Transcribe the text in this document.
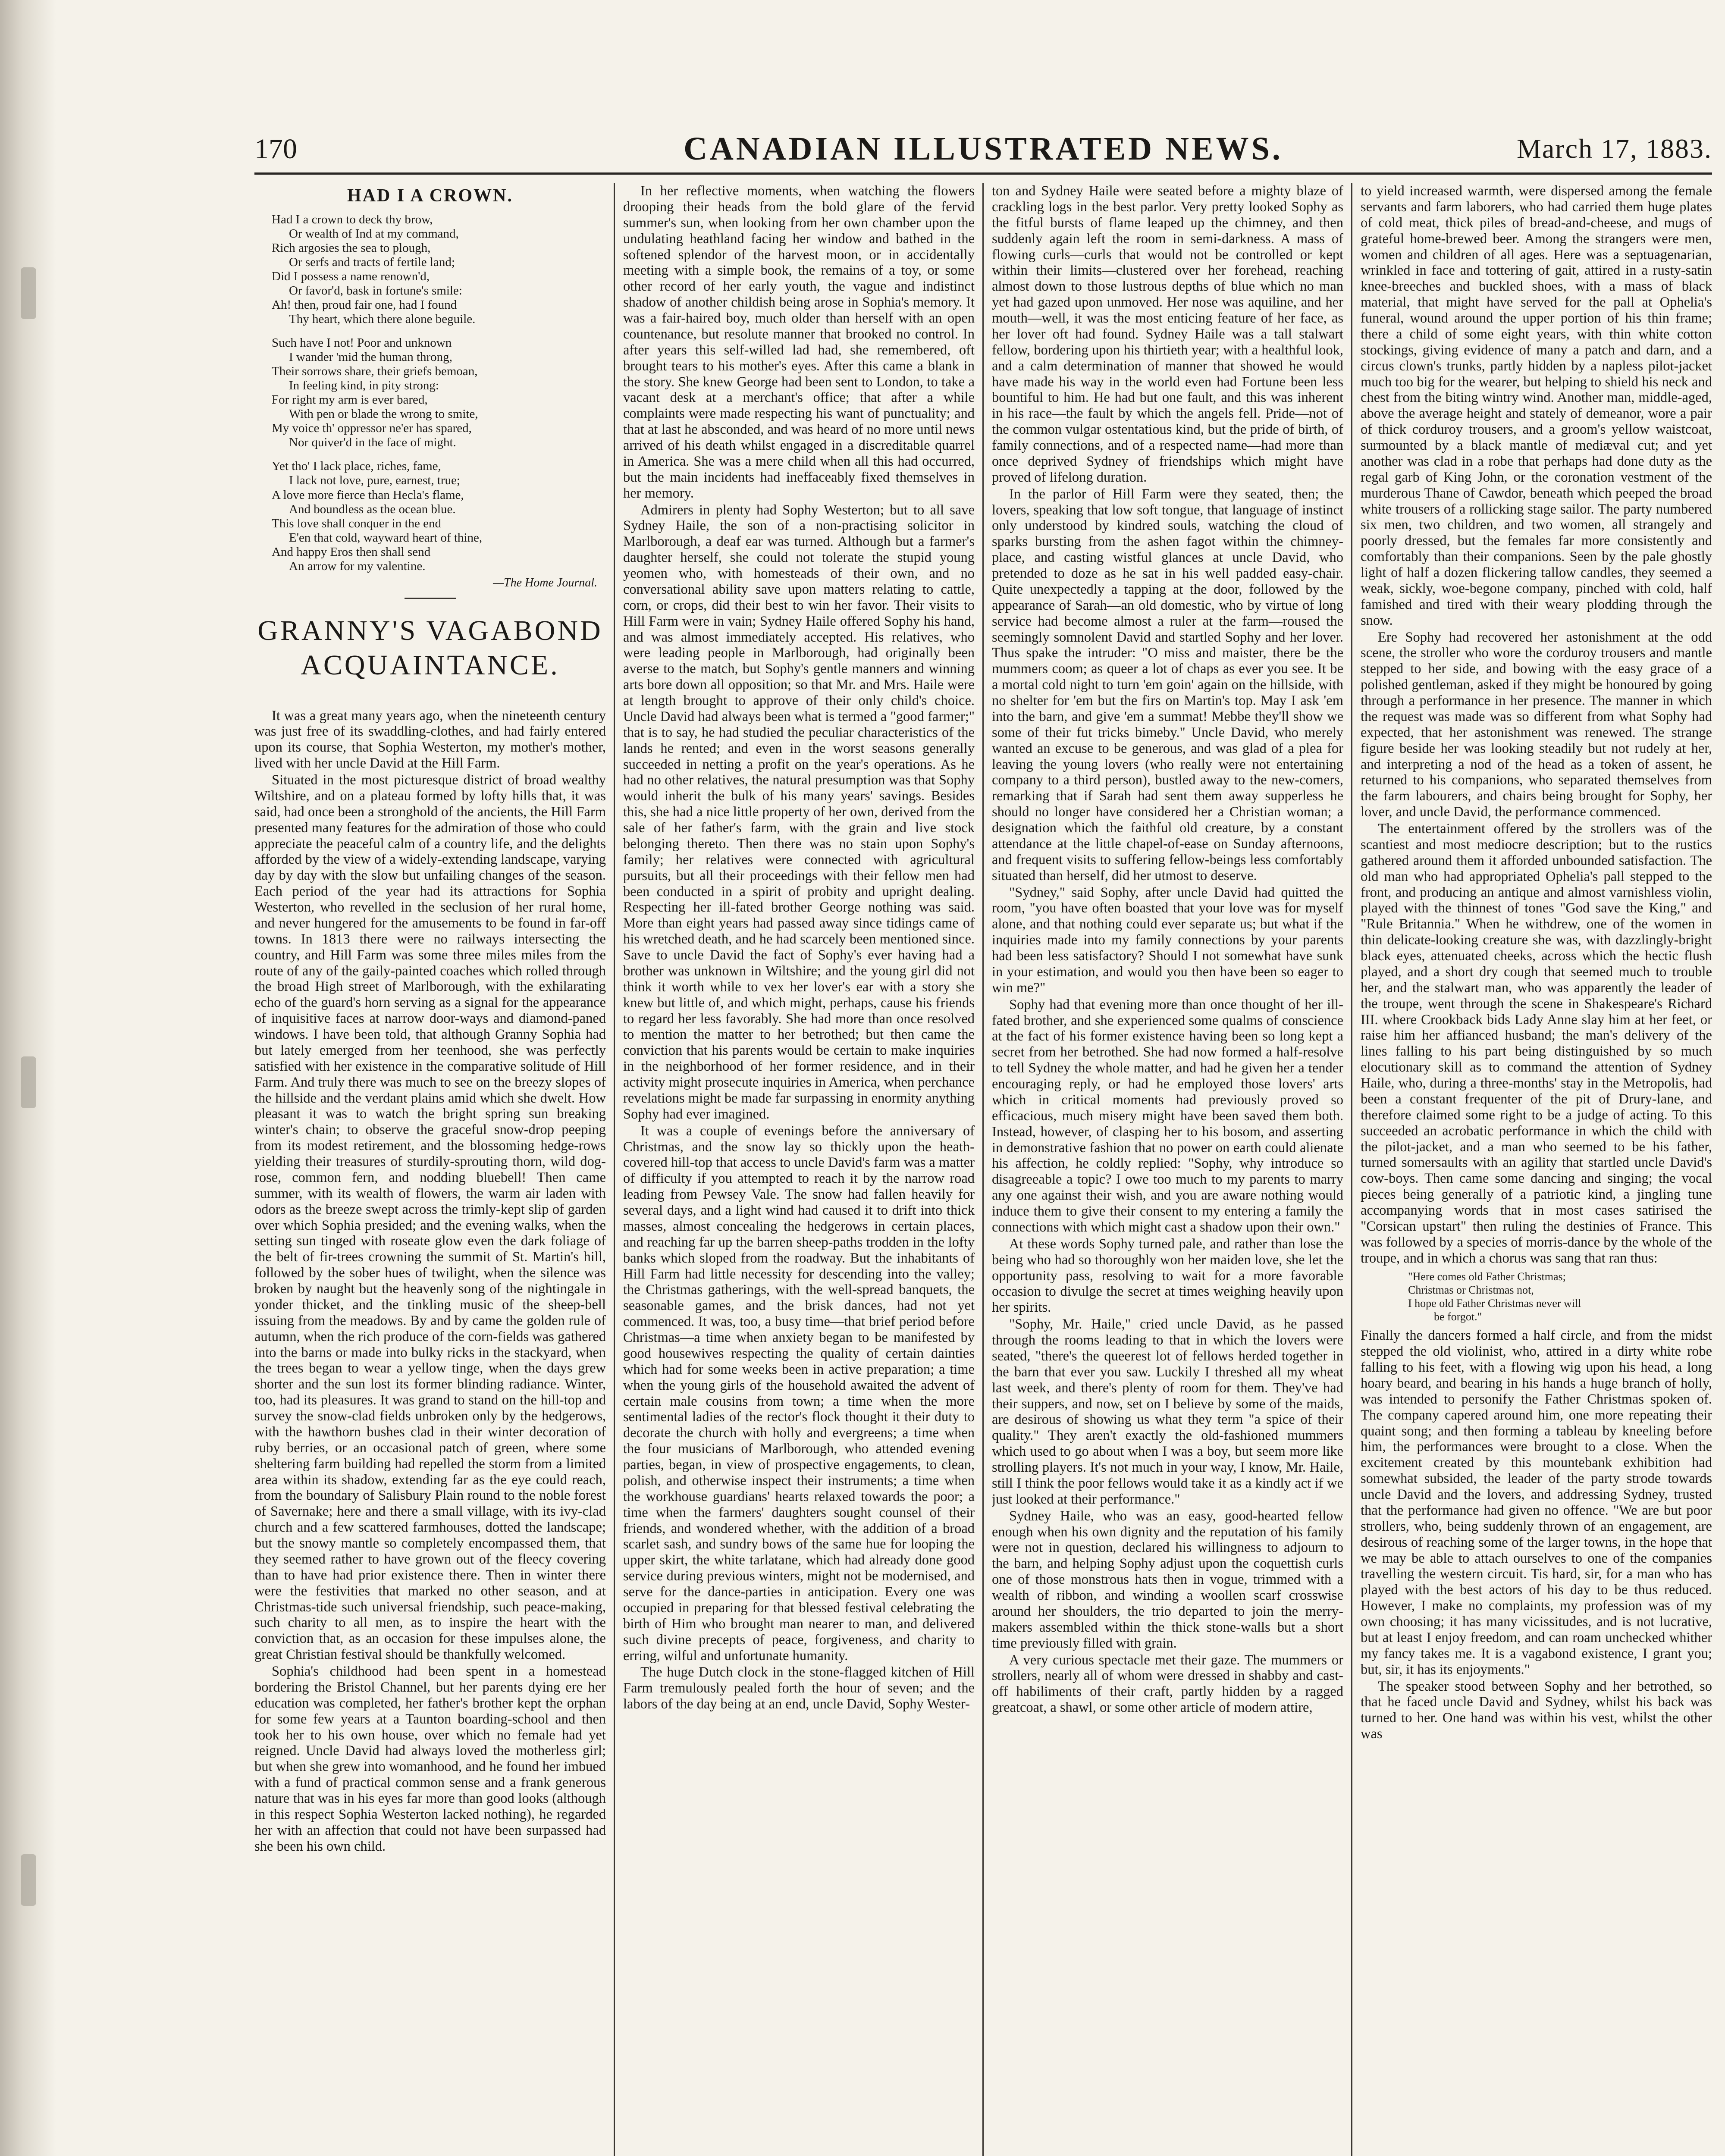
170	CANADIAN ILLUSTRATED NEWS.	March 17, 1883.
HAD I A CROWN.
Had I a crown to deck thy brow,
Or wealth of Ind at my command,
Rich argosies the sea to plough,
Or serfs and tracts of fertile land;
Did I possess a name renown'd,
Or favor'd, bask in fortune's smile:
Ah! then, proud fair one, had I found
Thy heart, which there alone beguile.
Such have I not! Poor and unknown
I wander 'mid the human throng,
Their sorrows share, their griefs bemoan,
In feeling kind, in pity strong:
For right my arm is ever bared,
With pen or blade the wrong to smite,
My voice th' oppressor ne'er has spared,
Nor quiver'd in the face of might.
Yet tho' I lack place, riches, fame,
I lack not love, pure, earnest, true;
A love more fierce than Hecla's flame,
And boundless as the ocean blue.
This love shall conquer in the end
E'en that cold, wayward heart of thine,
And happy Eros then shall send
An arrow for my valentine.
—The Home Journal.
GRANNY'S VAGABOND
ACQUAINTANCE.

It was a great many years ago, when the nineteenth century was just free of its swaddling-clothes, and had fairly entered upon its course, that Sophia Westerton, my mother's mother, lived with her uncle David at the Hill Farm.

Situated in the most picturesque district of broad wealthy Wiltshire, and on a plateau formed by lofty hills that, it was said, had once been a stronghold of the ancients, the Hill Farm presented many features for the admiration of those who could appreciate the peaceful calm of a country life, and the delights afforded by the view of a widely-extending landscape, varying day by day with the slow but unfailing changes of the season. Each period of the year had its attractions for Sophia Westerton, who revelled in the seclusion of her rural home, and never hungered for the amusements to be found in far-off towns. In 1813 there were no railways intersecting the country, and Hill Farm was some three miles miles from the route of any of the gaily-painted coaches which rolled through the broad High street of Marlborough, with the exhilarating echo of the guard's horn serving as a signal for the appearance of inquisitive faces at narrow door-ways and diamond-paned windows. I have been told, that although Granny Sophia had but lately emerged from her teenhood, she was perfectly satisfied with her existence in the comparative solitude of Hill Farm. And truly there was much to see on the breezy slopes of the hillside and the verdant plains amid which she dwelt. How pleasant it was to watch the bright spring sun breaking winter's chain; to observe the graceful snow-drop peeping from its modest retirement, and the blossoming hedge-rows yielding their treasures of sturdily-sprouting thorn, wild dog-rose, common fern, and nodding bluebell! Then came summer, with its wealth of flowers, the warm air laden with odors as the breeze swept across the trimly-kept slip of garden over which Sophia presided; and the evening walks, when the setting sun tinged with roseate glow even the dark foliage of the belt of fir-trees crowning the summit of St. Martin's hill, followed by the sober hues of twilight, when the silence was broken by naught but the heavenly song of the nightingale in yonder thicket, and the tinkling music of the sheep-bell issuing from the meadows. By and by came the golden rule of autumn, when the rich produce of the corn-fields was gathered into the barns or made into bulky ricks in the stackyard, when the trees began to wear a yellow tinge, when the days grew shorter and the sun lost its former blinding radiance. Winter, too, had its pleasures. It was grand to stand on the hill-top and survey the snow-clad fields unbroken only by the hedgerows, with the hawthorn bushes clad in their winter decoration of ruby berries, or an occasional patch of green, where some sheltering farm building had repelled the storm from a limited area within its shadow, extending far as the eye could reach, from the boundary of Salisbury Plain round to the noble forest of Savernake; here and there a small village, with its ivy-clad church and a few scattered farmhouses, dotted the landscape; but the snowy mantle so completely encompassed them, that they seemed rather to have grown out of the fleecy covering than to have had prior existence there. Then in winter there were the festivities that marked no other season, and at Christmas-tide such universal friendship, such peace-making, such charity to all men, as to inspire the heart with the conviction that, as an occasion for these impulses alone, the great Christian festival should be thankfully welcomed.

Sophia's childhood had been spent in a homestead bordering the Bristol Channel, but her parents dying ere her education was completed, her father's brother kept the orphan for some few years at a Taunton boarding-school and then took her to his own house, over which no female had yet reigned. Uncle David had always loved the motherless girl; but when she grew into womanhood, and he found her imbued with a fund of practical common sense and a frank generous nature that was in his eyes far more than good looks (although in this respect Sophia Westerton lacked nothing), he regarded her with an affection that could not have been surpassed had she been his own child.

In her reflective moments, when watching the flowers drooping their heads from the bold glare of the fervid summer's sun, when looking from her own chamber upon the undulating heathland facing her window and bathed in the softened splendor of the harvest moon, or in accidentally meeting with a simple book, the remains of a toy, or some other record of her early youth, the vague and indistinct shadow of another childish being arose in Sophia's memory. It was a fair-haired boy, much older than herself with an open countenance, but resolute manner that brooked no control. In after years this self-willed lad had, she remembered, oft brought tears to his mother's eyes. After this came a blank in the story. She knew George had been sent to London, to take a vacant desk at a merchant's office; that after a while complaints were made respecting his want of punctuality; and that at last he absconded, and was heard of no more until news arrived of his death whilst engaged in a discreditable quarrel in America. She was a mere child when all this had occurred, but the main incidents had ineffaceably fixed themselves in her memory.

Admirers in plenty had Sophy Westerton; but to all save Sydney Haile, the son of a non-practising solicitor in Marlborough, a deaf ear was turned. Although but a farmer's daughter herself, she could not tolerate the stupid young yeomen who, with homesteads of their own, and no conversational ability save upon matters relating to cattle, corn, or crops, did their best to win her favor. Their visits to Hill Farm were in vain; Sydney Haile offered Sophy his hand, and was almost immediately accepted. His relatives, who were leading people in Marlborough, had originally been averse to the match, but Sophy's gentle manners and winning arts bore down all opposition; so that Mr. and Mrs. Haile were at length brought to approve of their only child's choice. Uncle David had always been what is termed a "good farmer;" that is to say, he had studied the peculiar characteristics of the lands he rented; and even in the worst seasons generally succeeded in netting a profit on the year's operations. As he had no other relatives, the natural presumption was that Sophy would inherit the bulk of his many years' savings. Besides this, she had a nice little property of her own, derived from the sale of her father's farm, with the grain and live stock belonging thereto. Then there was no stain upon Sophy's family; her relatives were connected with agricultural pursuits, but all their proceedings with their fellow men had been conducted in a spirit of probity and upright dealing. Respecting her ill-fated brother George nothing was said. More than eight years had passed away since tidings came of his wretched death, and he had scarcely been mentioned since. Save to uncle David the fact of Sophy's ever having had a brother was unknown in Wiltshire; and the young girl did not think it worth while to vex her lover's ear with a story she knew but little of, and which might, perhaps, cause his friends to regard her less favorably. She had more than once resolved to mention the matter to her betrothed; but then came the conviction that his parents would be certain to make inquiries in the neighborhood of her former residence, and in their activity might prosecute inquiries in America, when perchance revelations might be made far surpassing in enormity anything Sophy had ever imagined.

It was a couple of evenings before the anniversary of Christmas, and the snow lay so thickly upon the heath-covered hill-top that access to uncle David's farm was a matter of difficulty if you attempted to reach it by the narrow road leading from Pewsey Vale. The snow had fallen heavily for several days, and a light wind had caused it to drift into thick masses, almost concealing the hedgerows in certain places, and reaching far up the barren sheep-paths trodden in the lofty banks which sloped from the roadway. But the inhabitants of Hill Farm had little necessity for descending into the valley; the Christmas gatherings, with the well-spread banquets, the seasonable games, and the brisk dances, had not yet commenced. It was, too, a busy time—that brief period before Christmas—a time when anxiety began to be manifested by good housewives respecting the quality of certain dainties which had for some weeks been in active preparation; a time when the young girls of the household awaited the advent of certain male cousins from town; a time when the more sentimental ladies of the rector's flock thought it their duty to decorate the church with holly and evergreens; a time when the four musicians of Marlborough, who attended evening parties, began, in view of prospective engagements, to clean, polish, and otherwise inspect their instruments; a time when the workhouse guardians' hearts relaxed towards the poor; a time when the farmers' daughters sought counsel of their friends, and wondered whether, with the addition of a broad scarlet sash, and sundry bows of the same hue for looping the upper skirt, the white tarlatane, which had already done good service during previous winters, might not be modernised, and serve for the dance-parties in anticipation. Every one was occupied in preparing for that blessed festival celebrating the birth of Him who brought man nearer to man, and delivered such divine precepts of peace, forgiveness, and charity to erring, wilful and unfortunate humanity.

The huge Dutch clock in the stone-flagged kitchen of Hill Farm tremulously pealed forth the hour of seven; and the labors of the day being at an end, uncle David, Sophy Wester-

ton and Sydney Haile were seated before a mighty blaze of crackling logs in the best parlor. Very pretty looked Sophy as the fitful bursts of flame leaped up the chimney, and then suddenly again left the room in semi-darkness. A mass of flowing curls—curls that would not be controlled or kept within their limits—clustered over her forehead, reaching almost down to those lustrous depths of blue which no man yet had gazed upon unmoved. Her nose was aquiline, and her mouth—well, it was the most enticing feature of her face, as her lover oft had found. Sydney Haile was a tall stalwart fellow, bordering upon his thirtieth year; with a healthful look, and a calm determination of manner that showed he would have made his way in the world even had Fortune been less bountiful to him. He had but one fault, and this was inherent in his race—the fault by which the angels fell. Pride—not of the common vulgar ostentatious kind, but the pride of birth, of family connections, and of a respected name—had more than once deprived Sydney of friendships which might have proved of lifelong duration.

In the parlor of Hill Farm were they seated, then; the lovers, speaking that low soft tongue, that language of instinct only understood by kindred souls, watching the cloud of sparks bursting from the ashen fagot within the chimney-place, and casting wistful glances at uncle David, who pretended to doze as he sat in his well padded easy-chair. Quite unexpectedly a tapping at the door, followed by the appearance of Sarah—an old domestic, who by virtue of long service had become almost a ruler at the farm—roused the seemingly somnolent David and startled Sophy and her lover. Thus spake the intruder: "O miss and maister, there be the mummers coom; as queer a lot of chaps as ever you see. It be a mortal cold night to turn 'em goin' again on the hillside, with no shelter for 'em but the firs on Martin's top. May I ask 'em into the barn, and give 'em a summat! Mebbe they'll show we some of their fut tricks bimeby." Uncle David, who merely wanted an excuse to be generous, and was glad of a plea for leaving the young lovers (who really were not entertaining company to a third person), bustled away to the new-comers, remarking that if Sarah had sent them away supperless he should no longer have considered her a Christian woman; a designation which the faithful old creature, by a constant attendance at the little chapel-of-ease on Sunday afternoons, and frequent visits to suffering fellow-beings less comfortably situated than herself, did her utmost to deserve.

"Sydney," said Sophy, after uncle David had quitted the room, "you have often boasted that your love was for myself alone, and that nothing could ever separate us; but what if the inquiries made into my family connections by your parents had been less satisfactory? Should I not somewhat have sunk in your estimation, and would you then have been so eager to win me?"

Sophy had that evening more than once thought of her ill-fated brother, and she experienced some qualms of conscience at the fact of his former existence having been so long kept a secret from her betrothed. She had now formed a half-resolve to tell Sydney the whole matter, and had he given her a tender encouraging reply, or had he employed those lovers' arts which in critical moments had previously proved so efficacious, much misery might have been saved them both. Instead, however, of clasping her to his bosom, and asserting in demonstrative fashion that no power on earth could alienate his affection, he coldly replied: "Sophy, why introduce so disagreeable a topic? I owe too much to my parents to marry any one against their wish, and you are aware nothing would induce them to give their consent to my entering a family the connections with which might cast a shadow upon their own."

At these words Sophy turned pale, and rather than lose the being who had so thoroughly won her maiden love, she let the opportunity pass, resolving to wait for a more favorable occasion to divulge the secret at times weighing heavily upon her spirits.

"Sophy, Mr. Haile," cried uncle David, as he passed through the rooms leading to that in which the lovers were seated, "there's the queerest lot of fellows herded together in the barn that ever you saw. Luckily I threshed all my wheat last week, and there's plenty of room for them. They've had their suppers, and now, set on I believe by some of the maids, are desirous of showing us what they term "a spice of their quality." They aren't exactly the old-fashioned mummers which used to go about when I was a boy, but seem more like strolling players. It's not much in your way, I know, Mr. Haile, still I think the poor fellows would take it as a kindly act if we just looked at their performance."

Sydney Haile, who was an easy, good-hearted fellow enough when his own dignity and the reputation of his family were not in question, declared his willingness to adjourn to the barn, and helping Sophy adjust upon the coquettish curls one of those monstrous hats then in vogue, trimmed with a wealth of ribbon, and winding a woollen scarf crosswise around her shoulders, the trio departed to join the merry-makers assembled within the thick stone-walls but a short time previously filled with grain.

A very curious spectacle met their gaze. The mummers or strollers, nearly all of whom were dressed in shabby and cast-off habiliments of their craft, partly hidden by a ragged greatcoat, a shawl, or some other article of modern attire,

to yield increased warmth, were dispersed among the female servants and farm laborers, who had carried them huge plates of cold meat, thick piles of bread-and-cheese, and mugs of grateful home-brewed beer. Among the strangers were men, women and children of all ages. Here was a septuagenarian, wrinkled in face and tottering of gait, attired in a rusty-satin knee-breeches and buckled shoes, with a mass of black material, that might have served for the pall at Ophelia's funeral, wound around the upper portion of his thin frame; there a child of some eight years, with thin white cotton stockings, giving evidence of many a patch and darn, and a circus clown's trunks, partly hidden by a napless pilot-jacket much too big for the wearer, but helping to shield his neck and chest from the biting wintry wind. Another man, middle-aged, above the average height and stately of demeanor, wore a pair of thick corduroy trousers, and a groom's yellow waistcoat, surmounted by a black mantle of mediæval cut; and yet another was clad in a robe that perhaps had done duty as the regal garb of King John, or the coronation vestment of the murderous Thane of Cawdor, beneath which peeped the broad white trousers of a rollicking stage sailor. The party numbered six men, two children, and two women, all strangely and poorly dressed, but the females far more consistently and comfortably than their companions. Seen by the pale ghostly light of half a dozen flickering tallow candles, they seemed a weak, sickly, woe-begone company, pinched with cold, half famished and tired with their weary plodding through the snow.

Ere Sophy had recovered her astonishment at the odd scene, the stroller who wore the corduroy trousers and mantle stepped to her side, and bowing with the easy grace of a polished gentleman, asked if they might be honoured by going through a performance in her presence. The manner in which the request was made was so different from what Sophy had expected, that her astonishment was renewed. The strange figure beside her was looking steadily but not rudely at her, and interpreting a nod of the head as a token of assent, he returned to his companions, who separated themselves from the farm labourers, and chairs being brought for Sophy, her lover, and uncle David, the performance commenced.

The entertainment offered by the strollers was of the scantiest and most mediocre description; but to the rustics gathered around them it afforded unbounded satisfaction. The old man who had appropriated Ophelia's pall stepped to the front, and producing an antique and almost varnishless violin, played with the thinnest of tones "God save the King," and "Rule Britannia." When he withdrew, one of the women in thin delicate-looking creature she was, with dazzlingly-bright black eyes, attenuated cheeks, across which the hectic flush played, and a short dry cough that seemed much to trouble her, and the stalwart man, who was apparently the leader of the troupe, went through the scene in Shakespeare's Richard III. where Crookback bids Lady Anne slay him at her feet, or raise him her affianced husband; the man's delivery of the lines falling to his part being distinguished by so much elocutionary skill as to command the attention of Sydney Haile, who, during a three-months' stay in the Metropolis, had been a constant frequenter of the pit of Drury-lane, and therefore claimed some right to be a judge of acting. To this succeeded an acrobatic performance in which the child with the pilot-jacket, and a man who seemed to be his father, turned somersaults with an agility that startled uncle David's cow-boys. Then came some dancing and singing; the vocal pieces being generally of a patriotic kind, a jingling tune accompanying words that in most cases satirised the "Corsican upstart" then ruling the destinies of France. This was followed by a species of morris-dance by the whole of the troupe, and in which a chorus was sang that ran thus:

"Here comes old Father Christmas;
Christmas or Christmas not,
I hope old Father Christmas never will
be forgot."

Finally the dancers formed a half circle, and from the midst stepped the old violinist, who, attired in a dirty white robe falling to his feet, with a flowing wig upon his head, a long hoary beard, and bearing in his hands a huge branch of holly, was intended to personify the Father Christmas spoken of. The company capered around him, one more repeating their quaint song; and then forming a tableau by kneeling before him, the performances were brought to a close. When the excitement created by this mountebank exhibition had somewhat subsided, the leader of the party strode towards uncle David and the lovers, and addressing Sydney, trusted that the performance had given no offence. "We are but poor strollers, who, being suddenly thrown of an engagement, are desirous of reaching some of the larger towns, in the hope that we may be able to attach ourselves to one of the companies travelling the western circuit. Tis hard, sir, for a man who has played with the best actors of his day to be thus reduced. However, I make no complaints, my profession was of my own choosing; it has many vicissitudes, and is not lucrative, but at least I enjoy freedom, and can roam unchecked whither my fancy takes me. It is a vagabond existence, I grant you; but, sir, it has its enjoyments."

The speaker stood between Sophy and her betrothed, so that he faced uncle David and Sydney, whilst his back was turned to her. One hand was within his vest, whilst the other was
